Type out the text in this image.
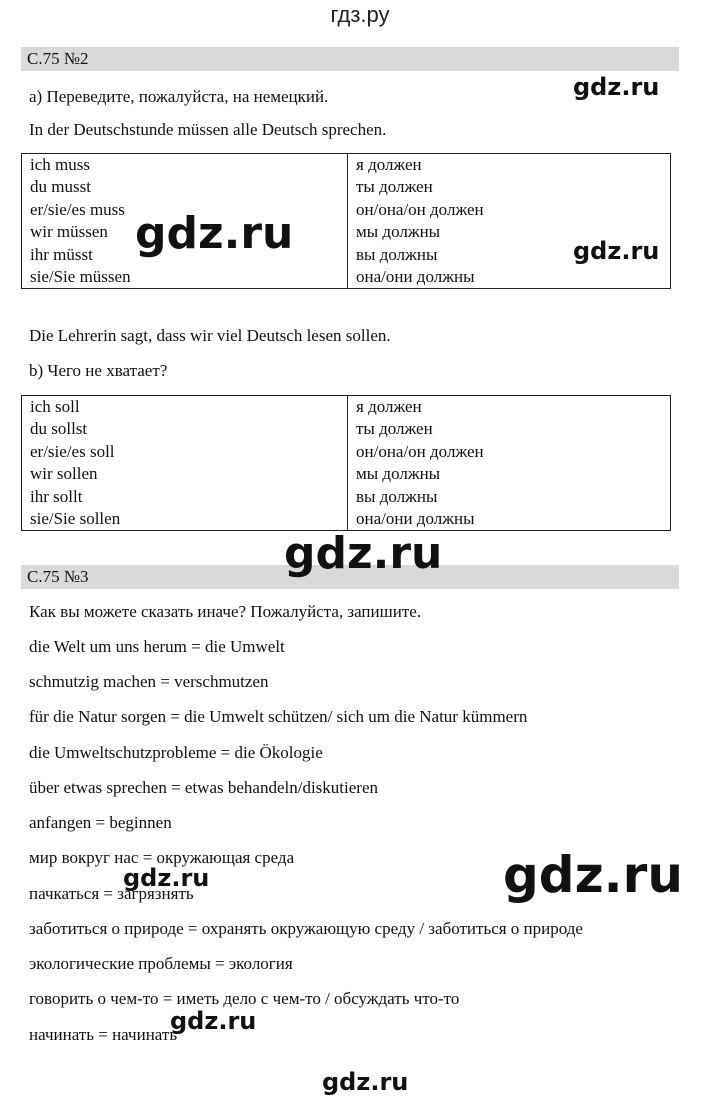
гдз.ру
С.75 №2
а) Переведите, пожалуйста, на немецкий.
In der Deutschstunde müssen alle Deutsch sprechen.
ich muss	я должен
du musst	ты должен
er/sie/es muss	он/она/он должен
wir müssen	мы должны
ihr müsst	вы должны
sie/Sie müssen	она/они должны
Die Lehrerin sagt, dass wir viel Deutsch lesen sollen.
b) Чего не хватает?
ich soll	я должен
du sollst	ты должен
er/sie/es soll	он/она/он должен
wir sollen	мы должны
ihr sollt	вы должны
sie/Sie sollen	она/они должны
С.75 №3
Как вы можете сказать иначе? Пожалуйста, запишите.
die Welt um uns herum = die Umwelt
schmutzig machen = verschmutzen
für die Natur sorgen = die Umwelt schützen/ sich um die Natur kümmern
die Umweltschutzprobleme = die Ökologie
über etwas sprechen = etwas behandeln/diskutieren
anfangen = beginnen
мир вокруг нас = окружающая среда
пачкаться = загрязнять
заботиться о природе = охранять окружающую среду / заботиться о природе
экологические проблемы = экология
говорить о чем-то = иметь дело с чем-то / обсуждать что-то
начинать = начинать
gdz.ru
gdz.ru	gdz.ru
gdz.ru
gdz.ru
gdz.ru
gdz.ru
gdz.ru
